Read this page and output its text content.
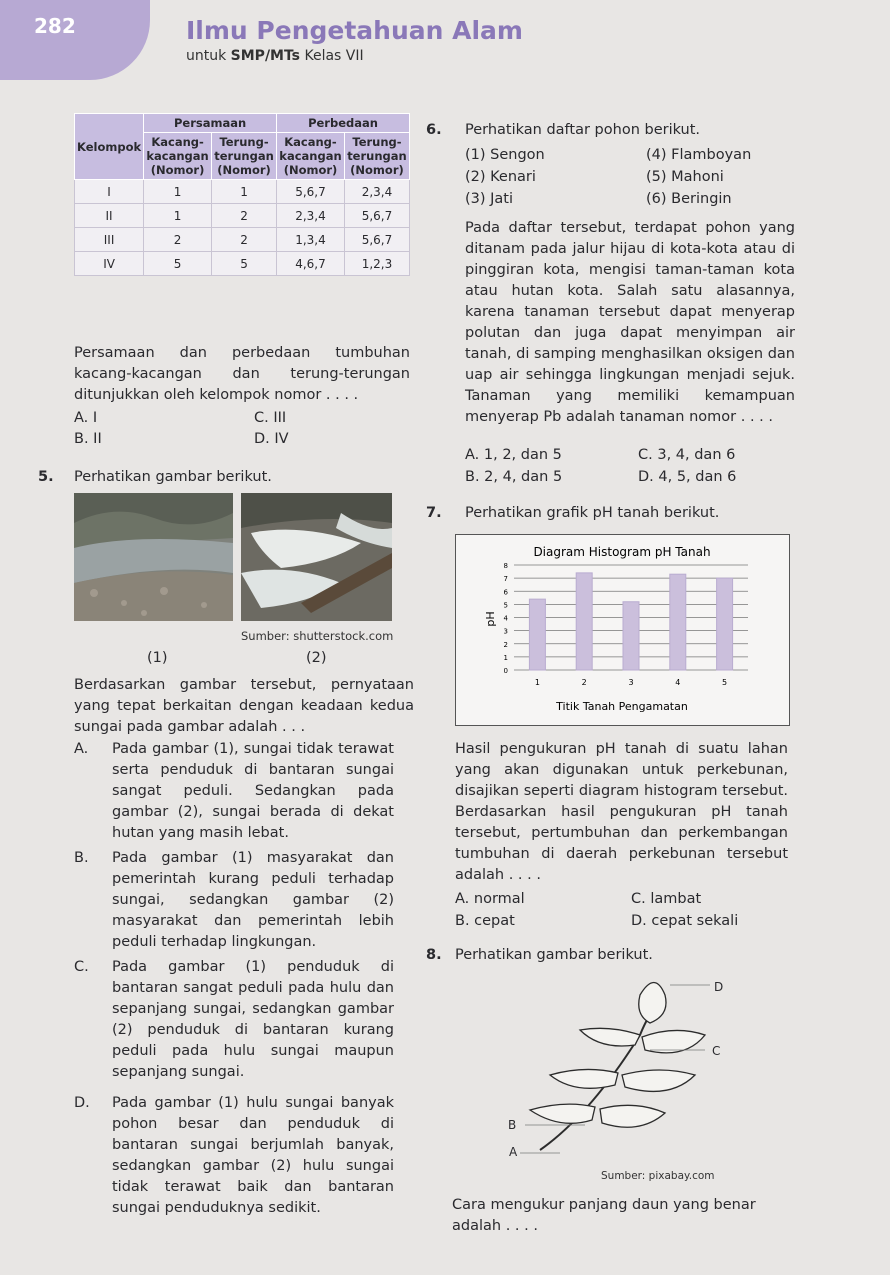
282	Ilmu Pengetahuan Alam
untuk SMP/MTs Kelas VII
Kelompok	Persamaan		Perbedaan	
	Kacang-kacangan (Nomor)	Terung-terungan (Nomor)	Kacang-kacangan (Nomor)	Terung-terungan (Nomor)
I	1	1	5,6,7	2,3,4
II	1	2	2,3,4	5,6,7
III	2	2	1,3,4	5,6,7
IV	5	5	4,6,7	1,2,3
Persamaan dan perbedaan tumbuhan kacang-kacangan dan terung-terungan ditunjukkan oleh kelompok nomor . . . .
A. I	C. III
B. II	D. IV
5. Perhatikan gambar berikut.
Sumber: shutterstock.com
(1)	(2)
Berdasarkan gambar tersebut, pernyataan yang tepat berkaitan dengan keadaan kedua sungai pada gambar adalah . . .
A. Pada gambar (1), sungai tidak terawat serta penduduk di bantaran sungai sangat peduli. Sedangkan pada gambar (2), sungai berada di dekat hutan yang masih lebat.
B. Pada gambar (1) masyarakat dan pemerintah kurang peduli terhadap sungai, sedangkan gambar (2) masyarakat dan pemerintah lebih peduli terhadap lingkungan.
C. Pada gambar (1) penduduk di bantaran sangat peduli pada hulu dan sepanjang sungai, sedangkan gambar (2) penduduk di bantaran kurang peduli pada hulu sungai maupun sepanjang sungai.
D. Pada gambar (1) hulu sungai banyak pohon besar dan penduduk di bantaran sungai berjumlah banyak, sedangkan gambar (2) hulu sungai tidak terawat baik dan bantaran sungai penduduknya sedikit.
6. Perhatikan daftar pohon berikut.
(1) Sengon
(2) Kenari
(3) Jati
(4) Flamboyan
(5) Mahoni
(6) Beringin
Pada daftar tersebut, terdapat pohon yang ditanam pada jalur hijau di kota-kota atau di pinggiran kota, mengisi taman-taman kota atau hutan kota. Salah satu alasannya, karena tanaman tersebut dapat menyerap polutan dan juga dapat menyimpan air tanah, di samping menghasilkan oksigen dan uap air sehingga lingkungan menjadi sejuk. Tanaman yang memiliki kemampuan menyerap Pb adalah tanaman nomor . . . .
A. 1, 2, dan 5	C. 3, 4, dan 6
B. 2, 4, dan 5	D. 4, 5, dan 6
7. Perhatikan grafik pH tanah berikut.
Diagram Histogram pH Tanah
Titik Tanah Pengamatan
pH
0
1
2
3
4
5
6
7
8
1	2	3	4	5
Hasil pengukuran pH tanah di suatu lahan yang akan digunakan untuk perkebunan, disajikan seperti diagram histogram tersebut. Berdasarkan hasil pengukuran pH tanah tersebut, pertumbuhan dan perkembangan tumbuhan di daerah perkebunan tersebut adalah . . . .
A. normal	C. lambat
B. cepat	D. cepat sekali
8. Perhatikan gambar berikut.
D
C
B
A
Sumber: pixabay.com
Cara mengukur panjang daun yang benar adalah . . . .
